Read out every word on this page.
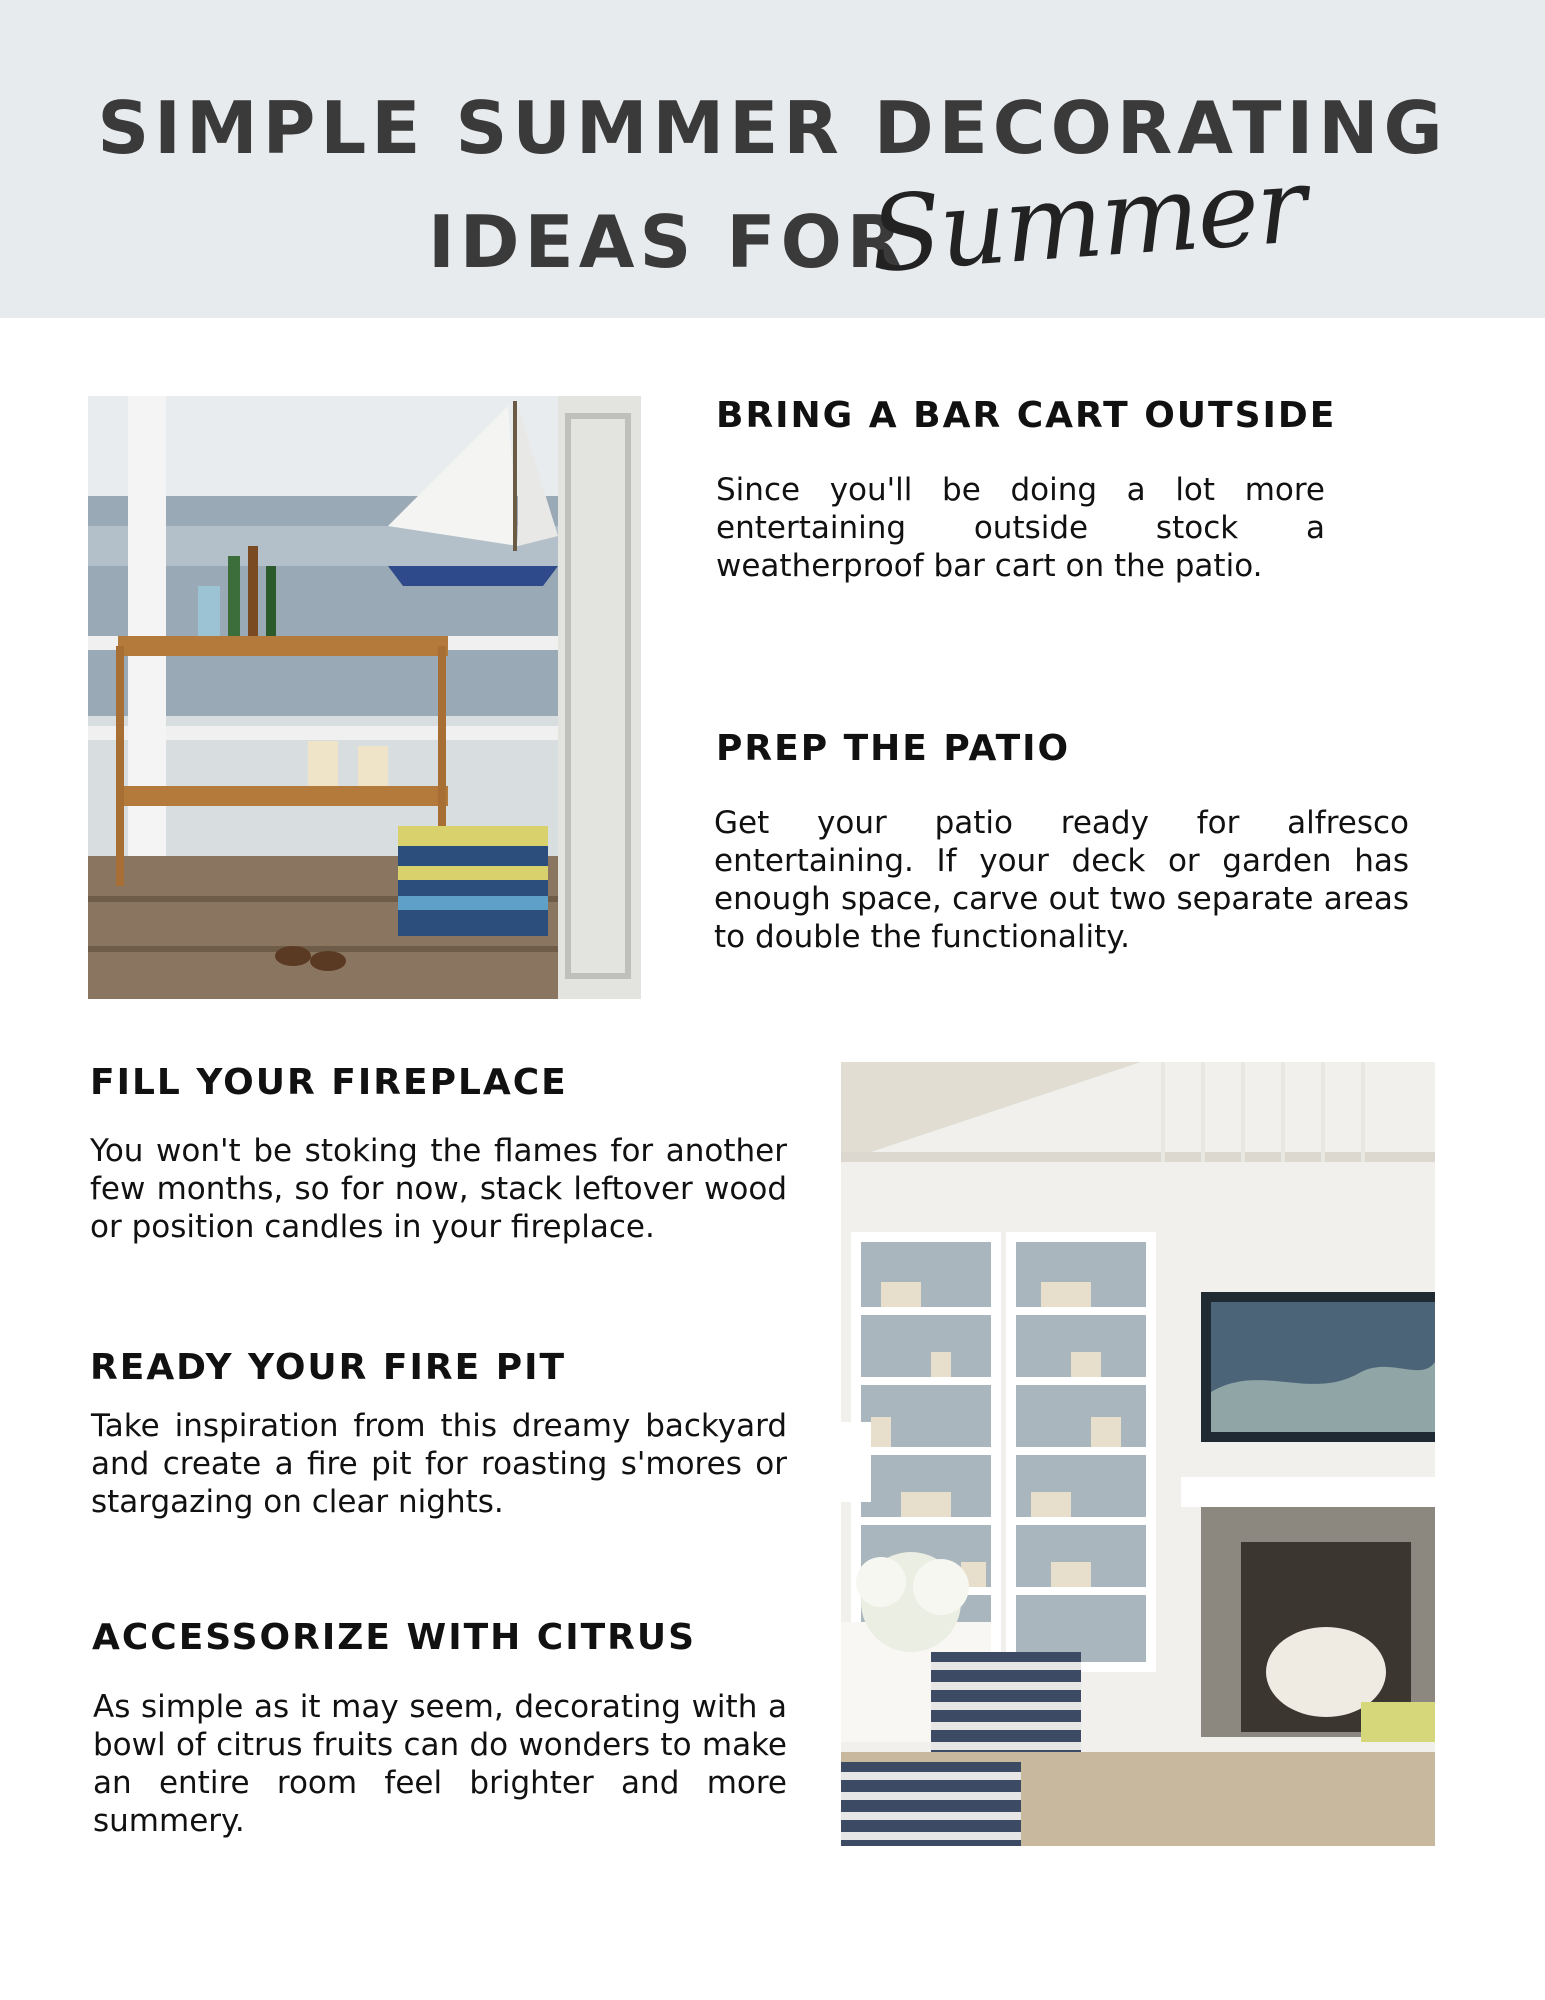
SIMPLE SUMMER DECORATING
IDEAS FOR
Summer
BRING A BAR CART OUTSIDE

Since you'll be doing a lot more entertaining outside stock a weatherproof bar cart on the patio.

PREP THE PATIO

Get your patio ready for alfresco entertaining. If your deck or garden has enough space, carve out two separate areas to double the functionality.

FILL YOUR FIREPLACE

You won't be stoking the flames for another few months, so for now, stack leftover wood or position candles in your fireplace.

READY YOUR FIRE PIT

Take inspiration from this dreamy backyard and create a fire pit for roasting s'mores or stargazing on clear nights.

ACCESSORIZE WITH CITRUS

As simple as it may seem, decorating with a bowl of citrus fruits can do wonders to make an entire room feel brighter and more summery.
